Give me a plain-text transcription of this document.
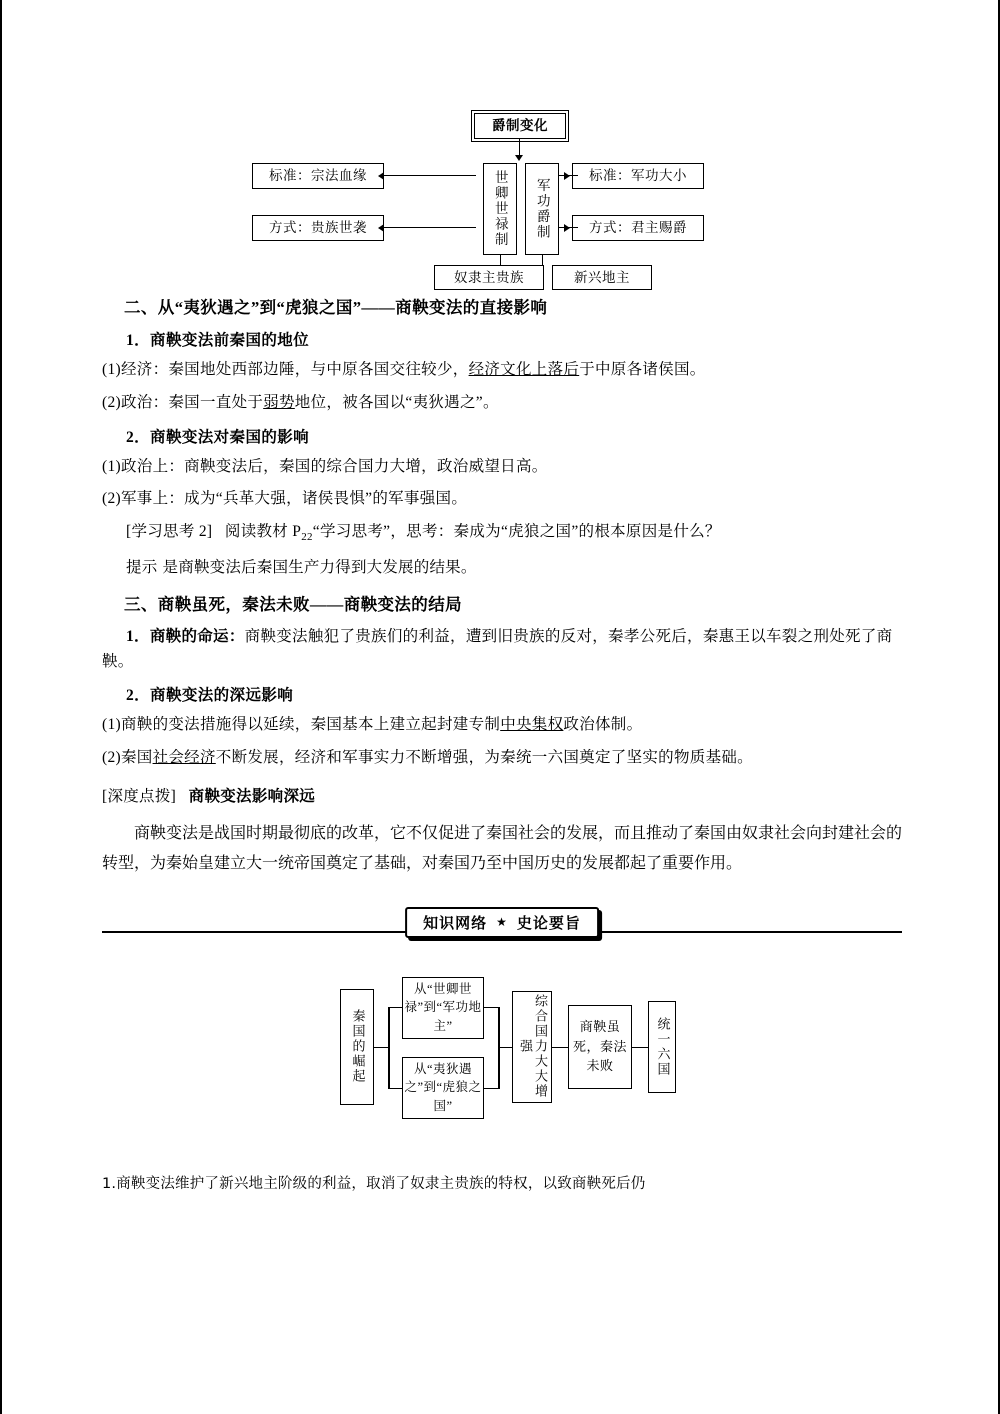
爵制变化
世卿世禄制 军功爵制
标准：宗法血缘
方式：贵族世袭
标准：军功大小
方式：君主赐爵
奴隶主贵族	新兴地主
二、从“夷狄遇之”到“虎狼之国”——商鞅变法的直接影响
1．商鞅变法前秦国的地位
(1)经济：秦国地处西部边陲，与中原各国交往较少，经济文化上落后于中原各诸侯国。
(2)政治：秦国一直处于弱势地位，被各国以“夷狄遇之”。
2．商鞅变法对秦国的影响
(1)政治上：商鞅变法后，秦国的综合国力大增，政治威望日高。
(2)军事上：成为“兵革大强，诸侯畏惧”的军事强国。
[学习思考 2] 阅读教材 $P_{22}“$学习思考”，思考：秦成为“虎狼之国”的根本原因是什么？
提示 是商鞅变法后秦国生产力得到大发展的结果。
三、商鞅虽死，秦法未败——商鞅变法的结局
1．商鞅的命运：商鞅变法触犯了贵族们的利益，遭到旧贵族的反对，秦孝公死后，秦惠王以车裂之刑处死了商鞅。
2．商鞅变法的深远影响
(1)商鞅的变法措施得以延续，秦国基本上建立起封建专制中央集权政治体制。
(2)秦国社会经济不断发展，经济和军事实力不断增强，为秦统一六国奠定了坚实的物质基础。
[深度点拨] 商鞅变法影响深远
商鞅变法是战国时期最彻底的改革，它不仅促进了秦国社会的发展，而且推动了秦国由奴隶社会向封建社会的转型，为秦始皇建立大一统帝国奠定了基础，对秦国乃至中国历史的发展都起了重要作用。
知识网络 ★ 史论要旨
秦国的崛起
从“世卿世禄”到“军功地主”
从“夷狄遇之”到“虎狼之国”
综合国力大大增强
商鞅虽死，秦法未败	统一六国
1.商鞅变法维护了新兴地主阶级的利益，取消了奴隶主贵族的特权，以致商鞅死后仍
